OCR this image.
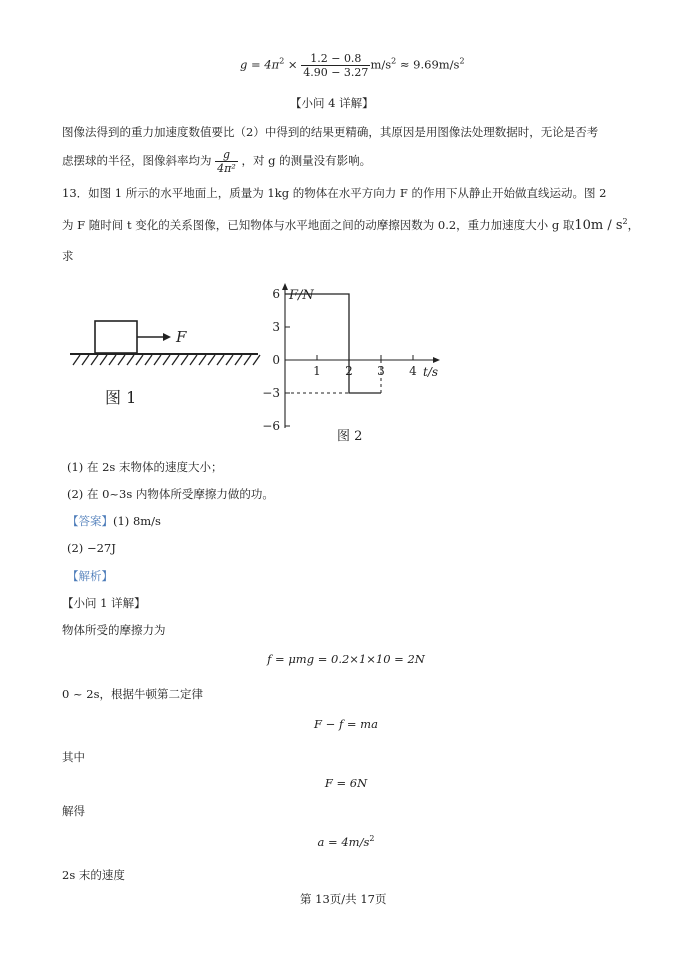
$g = 4\pi^2 \times \frac{1.2 - 0.8}{4.90 - 3.27} m/s^2 \approx 9.69m/s^2$
【小问 4 详解】
图像法得到的重力加速度数值要比（2）中得到的结果更精确，其原因是用图像法处理数据时，无论是否考
虑摆球的半径，图像斜率均为 $\frac{g}{\text{4π²}}$ ，对 g 的测量没有影响。
13．如图 1 所示的水平地面上，质量为 1kg 的物体在水平方向力 F 的作用下从静止开始做直线运动。图 2
为 F 随时间 t 变化的关系图像，已知物体与水平地面之间的动摩擦因数为 0.2，重力加速度大小 g 取$10m / s^2$，
求
F
图 1
F/N
t/s
图 2
6
3
0
−3
−6
1 2 3 4
(1) 在 2s 末物体的速度大小；
(2) 在 0~3s 内物体所受摩擦力做的功。
【答案】(1) 8m/s
(2) −27J
【解析】
【小问 1 详解】
物体所受的摩擦力为
f = μmg = 0.2×1×10 = 2N
0 ~ 2s，根据牛顿第二定律
F − f = ma
其中
F = 6N
解得
$a = 4m/s^2$
2s 末的速度
第 13页/共 17页
